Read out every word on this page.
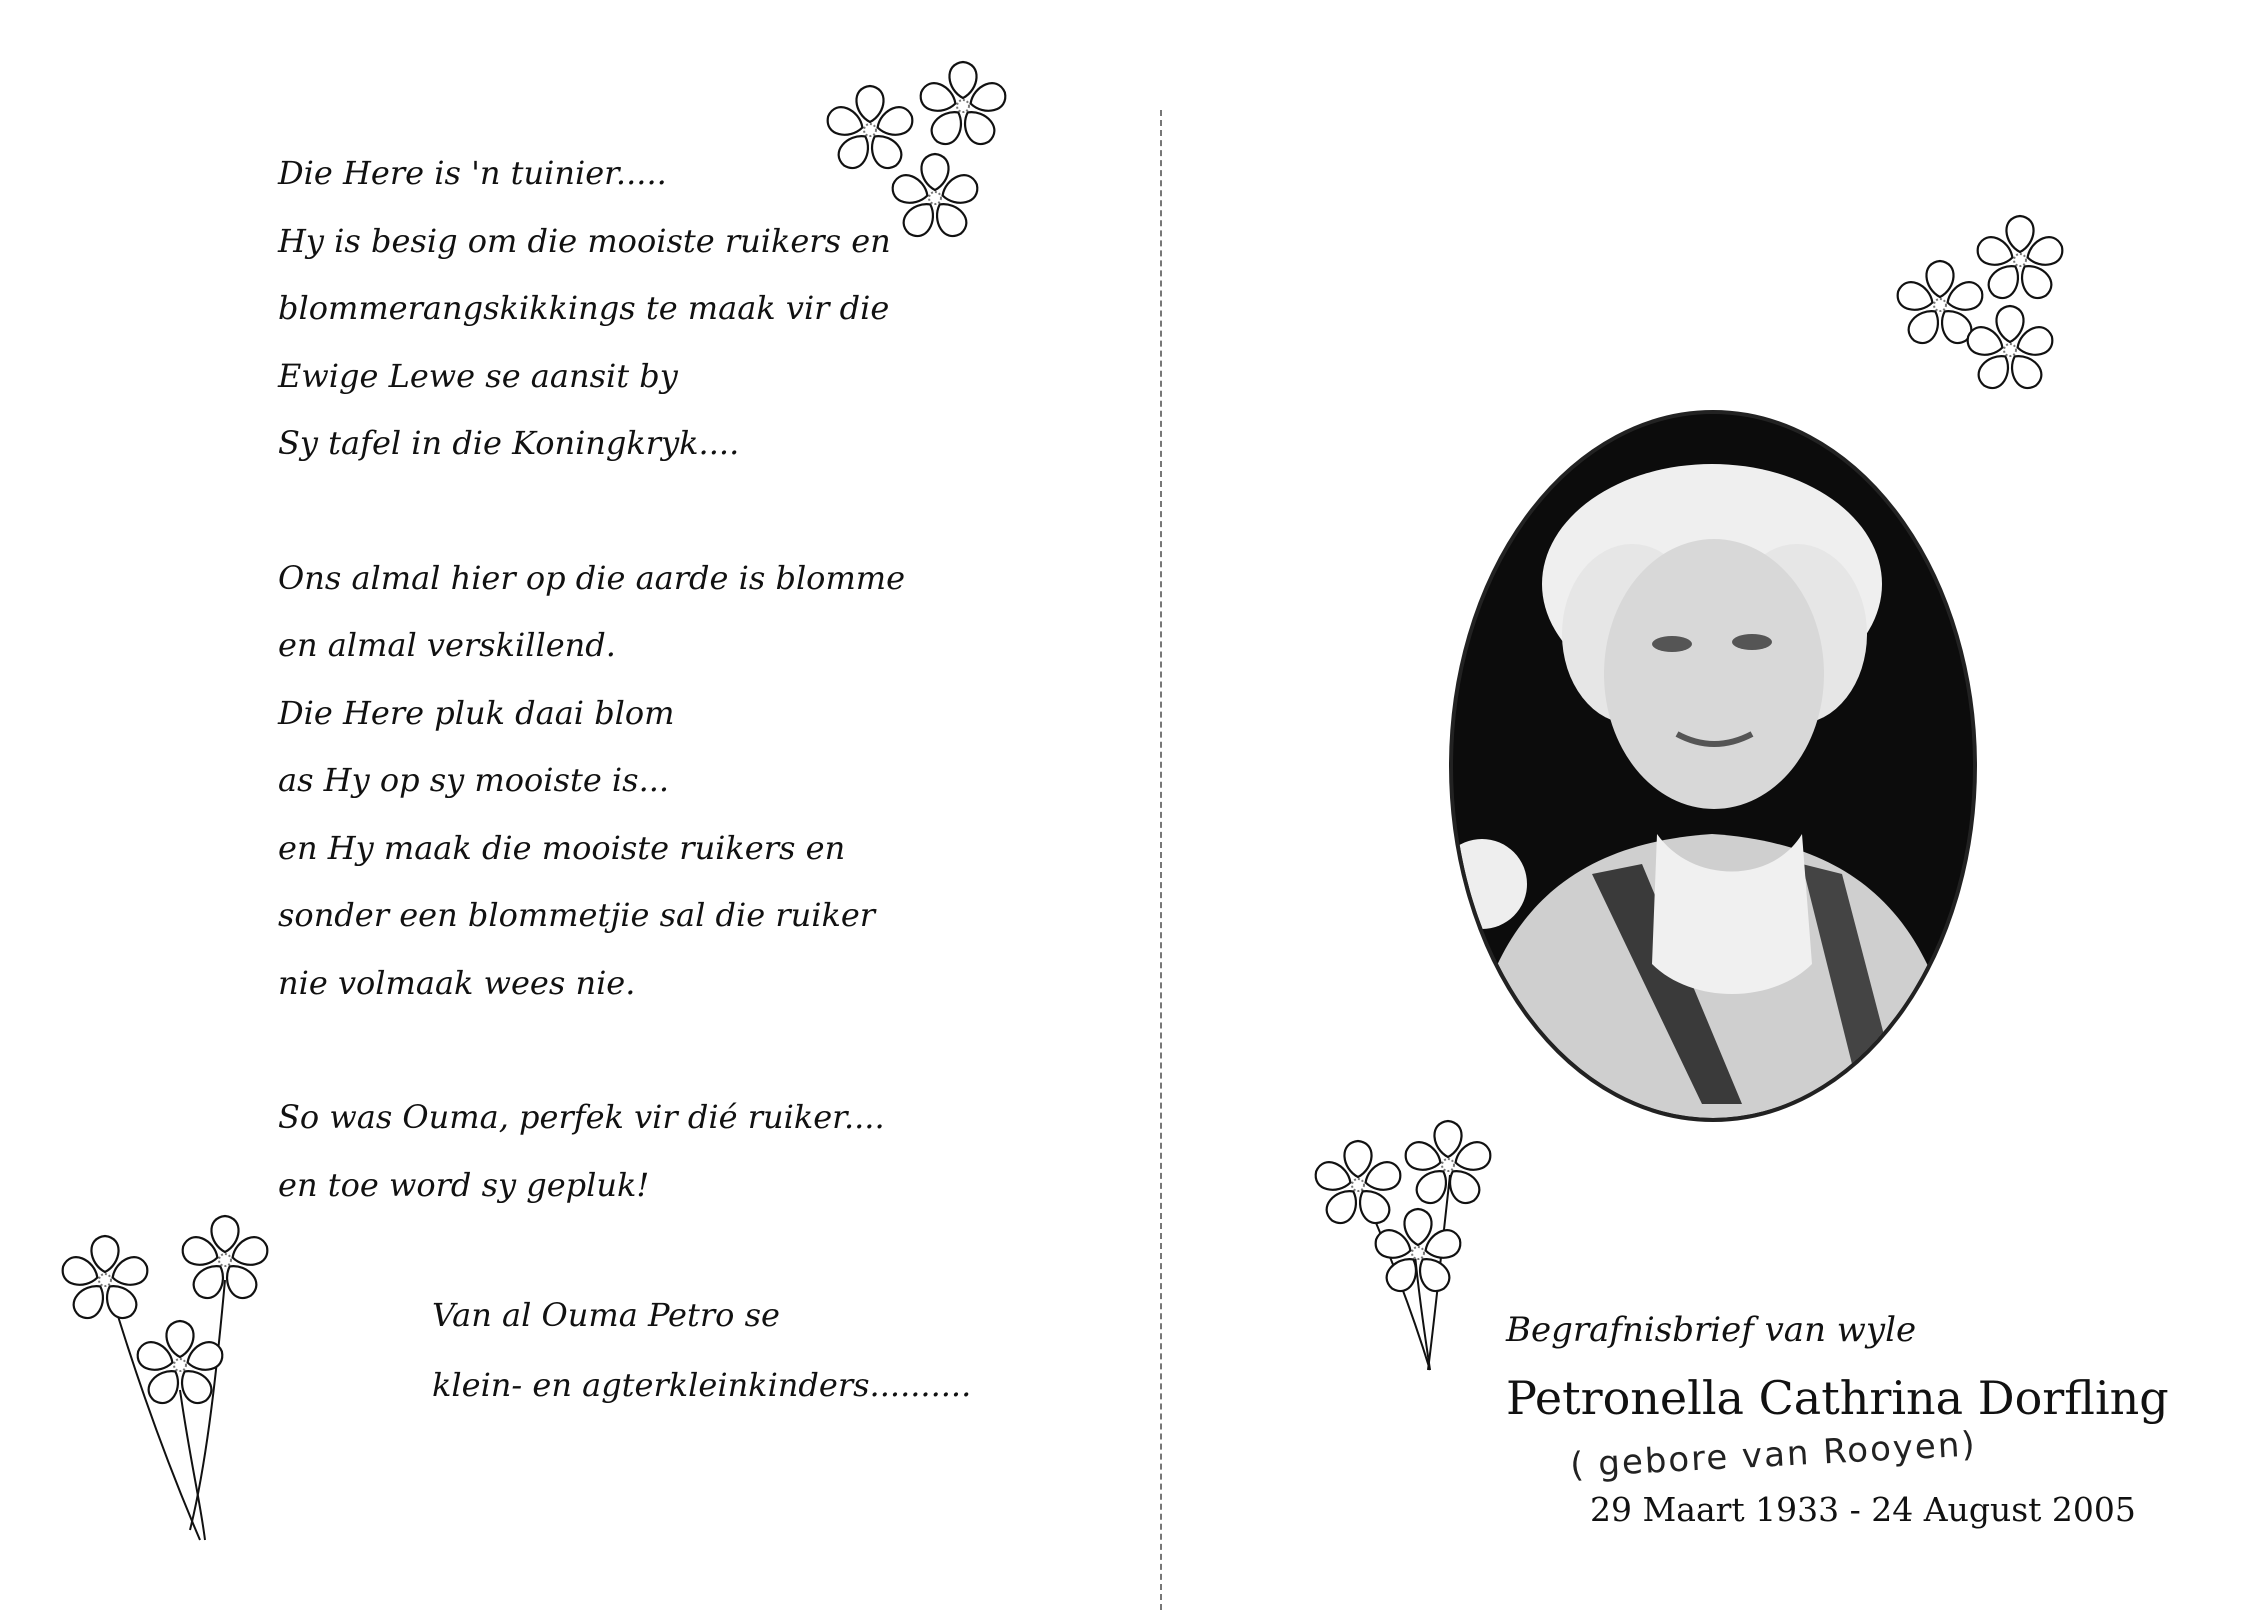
Die Here is 'n tuinier.....
Hy is besig om die mooiste ruikers en
blommerangskikkings te maak vir die
Ewige Lewe se aansit by
Sy tafel in die Koningkryk....
Ons almal hier op die aarde is blomme
en almal verskillend.
Die Here pluk daai blom
as Hy op sy mooiste is...
en Hy maak die mooiste ruikers en
sonder een blommetjie sal die ruiker
nie volmaak wees nie.
So was Ouma, perfek vir dié ruiker....
en toe word sy gepluk!
Van al Ouma Petro se
klein- en agterkleinkinders..........
Begrafnisbrief van wyle
Petronella Cathrina Dorfling
( gebore van Rooyen)
29 Maart 1933 - 24 August 2005
